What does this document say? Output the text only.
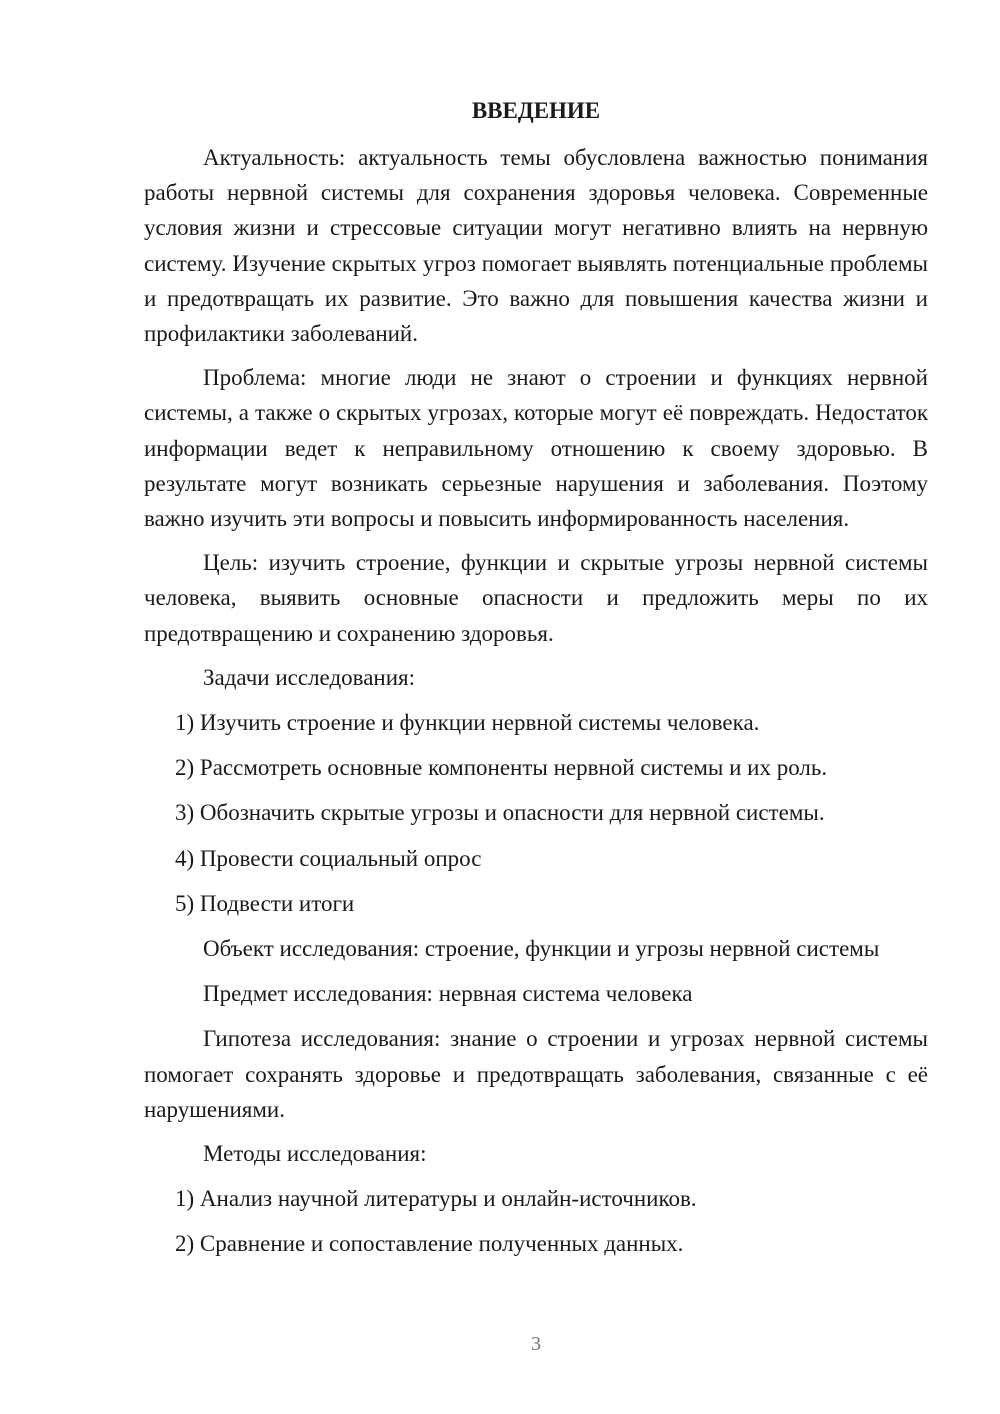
ВВЕДЕНИЕ

Актуальность: актуальность темы обусловлена важностью понимания работы нервной системы для сохранения здоровья человека. Современные условия жизни и стрессовые ситуации могут негативно влиять на нервную систему. Изучение скрытых угроз помогает выявлять потенциальные проблемы и предотвращать их развитие. Это важно для повышения качества жизни и профилактики заболеваний.

Проблема: многие люди не знают о строении и функциях нервной системы, а также о скрытых угрозах, которые могут её повреждать. Недостаток информации ведет к неправильному отношению к своему здоровью. В результате могут возникать серьезные нарушения и заболевания. Поэтому важно изучить эти вопросы и повысить информированность населения.

Цель: изучить строение, функции и скрытые угрозы нервной системы человека, выявить основные опасности и предложить меры по их предотвращению и сохранению здоровья.

Задачи исследования:

1) Изучить строение и функции нервной системы человека.

2) Рассмотреть основные компоненты нервной системы и их роль.

3) Обозначить скрытые угрозы и опасности для нервной системы.

4) Провести социальный опрос

5) Подвести итоги

Объект исследования: строение, функции и угрозы нервной системы

Предмет исследования: нервная система человека

Гипотеза исследования: знание о строении и угрозах нервной системы помогает сохранять здоровье и предотвращать заболевания, связанные с её нарушениями.

Методы исследования:

1) Анализ научной литературы и онлайн-источников.

2) Сравнение и сопоставление полученных данных.

3
